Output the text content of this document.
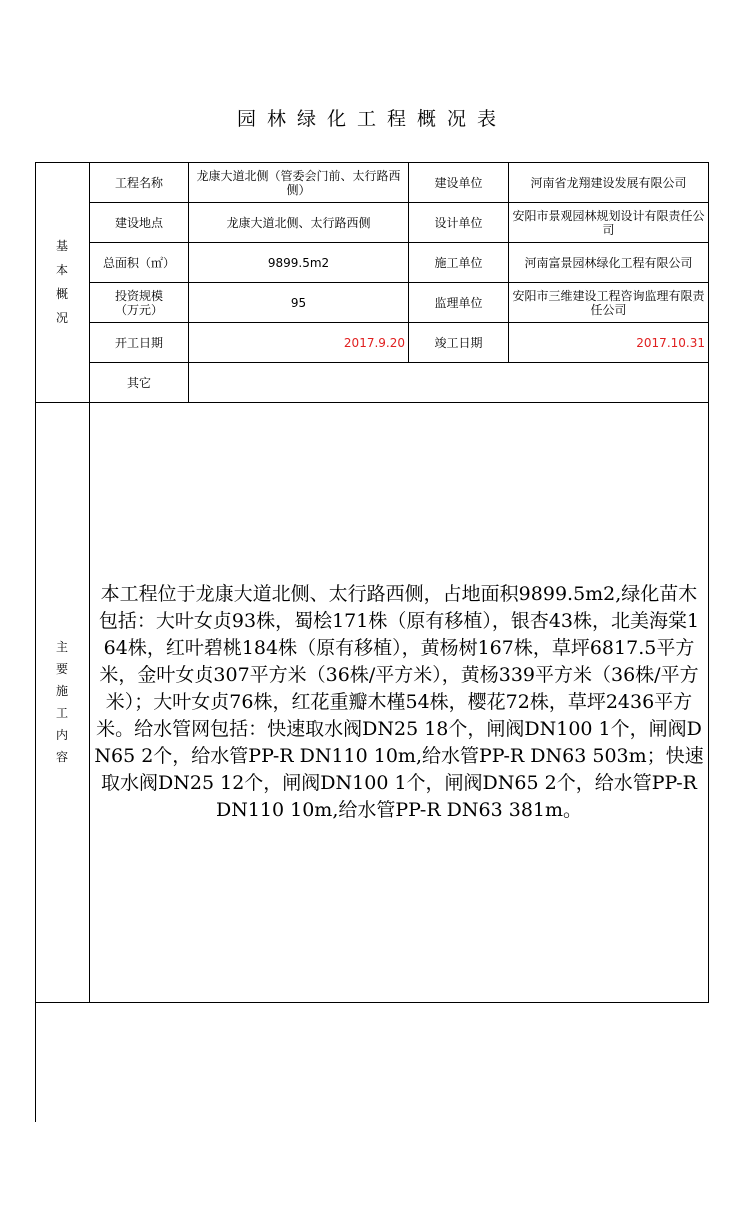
园林绿化工程概况表
基
本
概
况
主
要
施
工
内
容
工程名称	龙康大道北侧（管委会门前、太行路西侧）	建设单位	河南省龙翔建设发展有限公司
建设地点	龙康大道北侧、太行路西侧	设计单位	安阳市景观园林规划设计有限责任公司
总面积（㎡）	9899.5m2	施工单位	河南富景园林绿化工程有限公司
投资规模（万元）	95	监理单位	安阳市三维建设工程咨询监理有限责任公司
开工日期	2017.9.20	竣工日期	2017.10.31
其它
本工程位于龙康大道北侧、太行路西侧，占地面积9899.5m2,绿化苗木包括：大叶女贞93株，蜀桧171株（原有移植），银杏43株，北美海棠164株，红叶碧桃184株（原有移植），黄杨树167株，草坪6817.5平方米，金叶女贞307平方米（36株/平方米），黄杨339平方米（36株/平方米）；大叶女贞76株，红花重瓣木槿54株，樱花72株，草坪2436平方米。给水管网包括：快速取水阀DN25 18个，闸阀DN100 1个，闸阀DN65 2个，给水管PP-R DN110 10m,给水管PP-R DN63 503m；快速取水阀DN25 12个，闸阀DN100 1个，闸阀DN65 2个，给水管PP-R DN110 10m,给水管PP-R DN63 381m。
